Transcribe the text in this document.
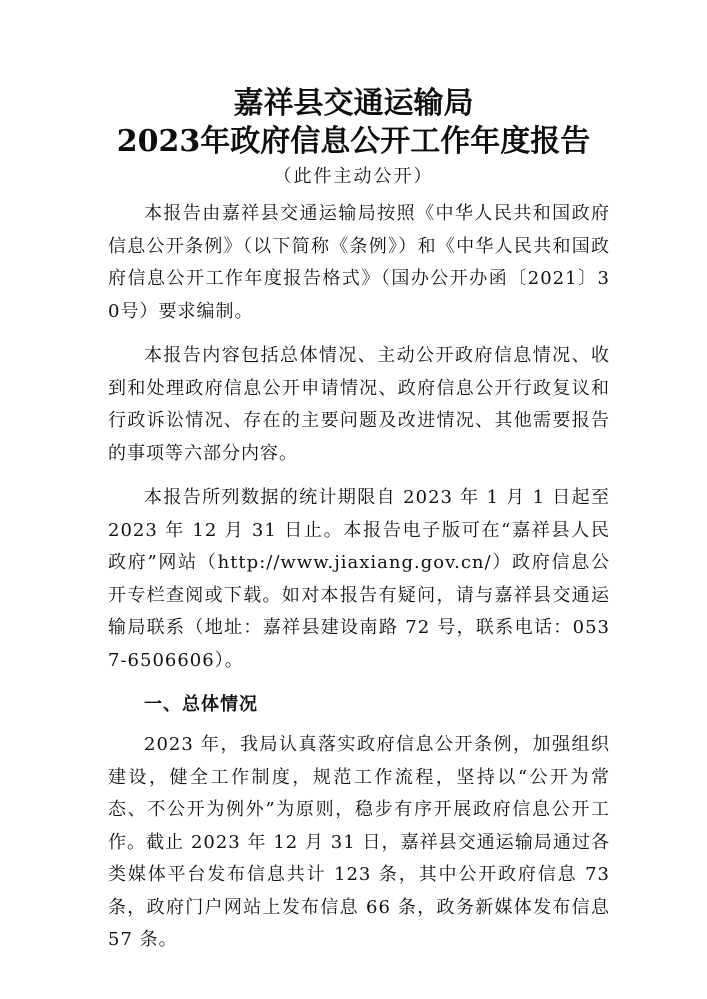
嘉祥县交通运输局
2023年政府信息公开工作年度报告

（此件主动公开）

本报告由嘉祥县交通运输局按照《中华人民共和国政府信息公开条例》（以下简称《条例》）和《中华人民共和国政府信息公开工作年度报告格式》（国办公开办函〔2021〕30号）要求编制。

本报告内容包括总体情况、主动公开政府信息情况、收到和处理政府信息公开申请情况、政府信息公开行政复议和行政诉讼情况、存在的主要问题及改进情况、其他需要报告的事项等六部分内容。

本报告所列数据的统计期限自 2023 年 1 月 1 日起至 2023 年 12 月 31 日止。本报告电子版可在“嘉祥县人民政府”网站（http://www.jiaxiang.gov.cn/）政府信息公开专栏查阅或下载。如对本报告有疑问，请与嘉祥县交通运输局联系（地址：嘉祥县建设南路 72 号，联系电话：0537-6506606）。

一、总体情况

2023 年，我局认真落实政府信息公开条例，加强组织建设，健全工作制度，规范工作流程，坚持以“公开为常态、不公开为例外”为原则，稳步有序开展政府信息公开工作。截止 2023 年 12 月 31 日，嘉祥县交通运输局通过各类媒体平台发布信息共计 123 条，其中公开政府信息 73 条，政府门户网站上发布信息 66 条，政务新媒体发布信息 57 条。
